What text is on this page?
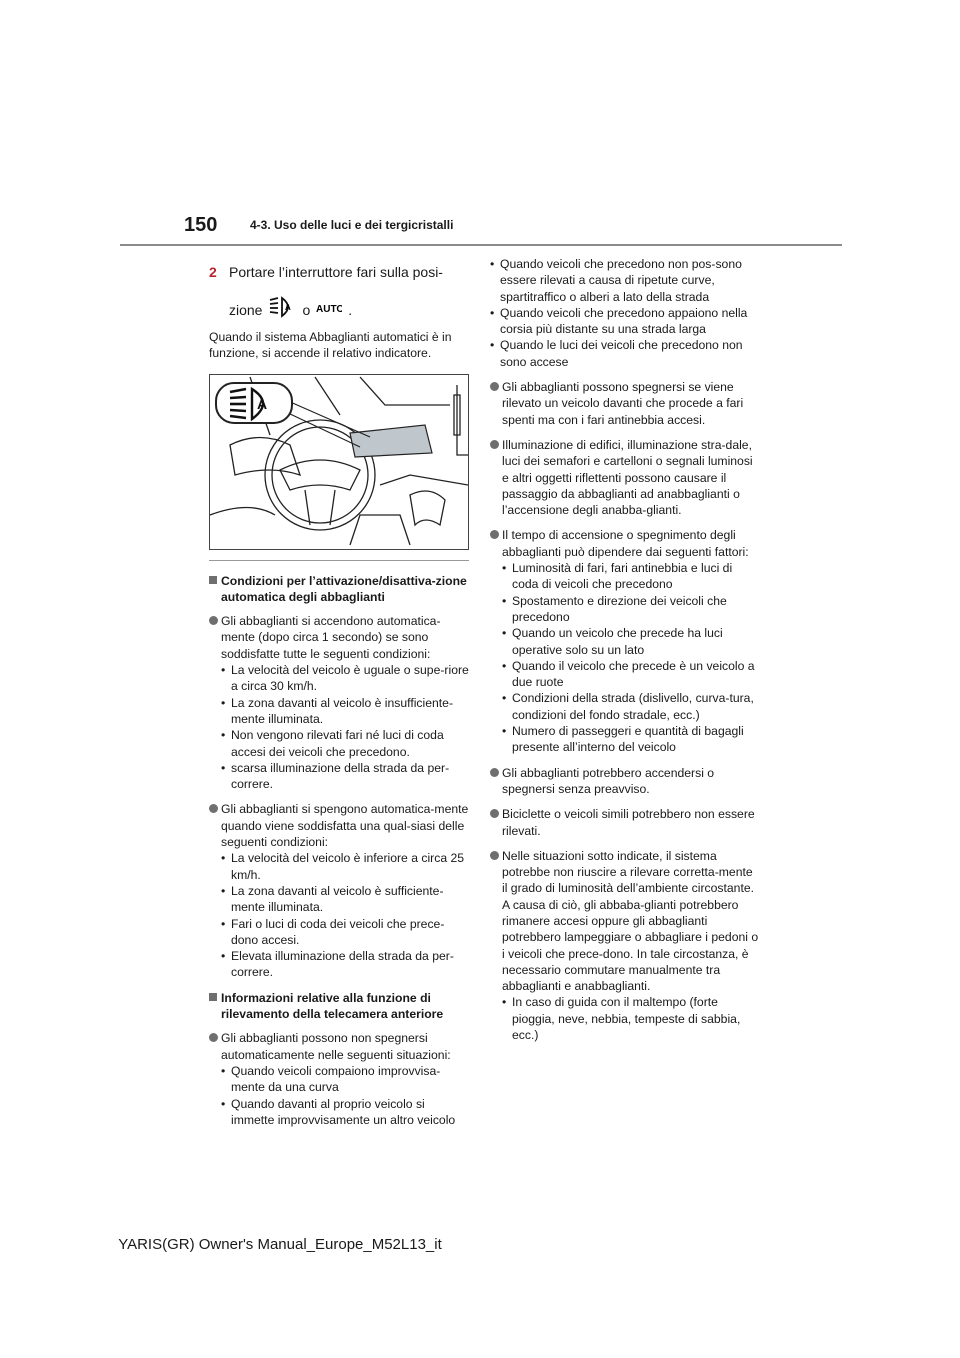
150	4-3. Uso delle luci e dei tergicristalli
2 Portare l’interruttore fari sulla posi-
zione	A o AUTO .

Quando il sistema Abbaglianti automatici è in funzione, si accende il relativo indicatore.

A
Condizioni per l’attivazione/disattiva-zione automatica degli abbaglianti

Gli abbaglianti si accendono automatica-mente (dopo circa 1 secondo) se sono soddisfatte tutte le seguenti condizioni:

• La velocità del veicolo è uguale o supe-riore a circa 30 km/h.
• La zona davanti al veicolo è insufficiente-mente illuminata.
• Non vengono rilevati fari né luci di coda accesi dei veicoli che precedono.
• scarsa illuminazione della strada da per-correre.

Gli abbaglianti si spengono automatica-mente quando viene soddisfatta una qual-siasi delle seguenti condizioni:

• La velocità del veicolo è inferiore a circa 25 km/h.
• La zona davanti al veicolo è sufficiente-mente illuminata.
• Fari o luci di coda dei veicoli che prece-dono accesi.
• Elevata illuminazione della strada da per-correre.
Informazioni relative alla funzione di rilevamento della telecamera anteriore

Gli abbaglianti possono non spegnersi automaticamente nelle seguenti situazioni:

• Quando veicoli compaiono improvvisa-mente da una curva
• Quando davanti al proprio veicolo si immette improvvisamente un altro veicolo
• Quando veicoli che precedono non pos-sono essere rilevati a causa di ripetute curve, spartitraffico o alberi a lato della strada
• Quando veicoli che precedono appaiono nella corsia più distante su una strada larga
• Quando le luci dei veicoli che precedono non sono accese

Gli abbaglianti possono spegnersi se viene rilevato un veicolo davanti che procede a fari spenti ma con i fari antinebbia accesi.

Illuminazione di edifici, illuminazione stra-dale, luci dei semafori e cartelloni o segnali luminosi e altri oggetti riflettenti possono causare il passaggio da abbaglianti ad anabbaglianti o l’accensione degli anabba-glianti.

Il tempo di accensione o spegnimento degli abbaglianti può dipendere dai seguenti fattori:

• Luminosità di fari, fari antinebbia e luci di coda di veicoli che precedono
• Spostamento e direzione dei veicoli che precedono
• Quando un veicolo che precede ha luci operative solo su un lato
• Quando il veicolo che precede è un veicolo a due ruote
• Condizioni della strada (dislivello, curva-tura, condizioni del fondo stradale, ecc.)
• Numero di passeggeri e quantità di bagagli presente all’interno del veicolo

Gli abbaglianti potrebbero accendersi o spegnersi senza preavviso.

Biciclette o veicoli simili potrebbero non essere rilevati.

Nelle situazioni sotto indicate, il sistema potrebbe non riuscire a rilevare corretta-mente il grado di luminosità dell’ambiente circostante. A causa di ciò, gli abbaba-glianti potrebbero rimanere accesi oppure gli abbaglianti potrebbero lampeggiare o abbagliare i pedoni o i veicoli che prece-dono. In tale circostanza, è necessario commutare manualmente tra abbaglianti e anabbaglianti.

• In caso di guida con il maltempo (forte pioggia, neve, nebbia, tempeste di sabbia, ecc.)
YARIS(GR) Owner's Manual_Europe_M52L13_it
